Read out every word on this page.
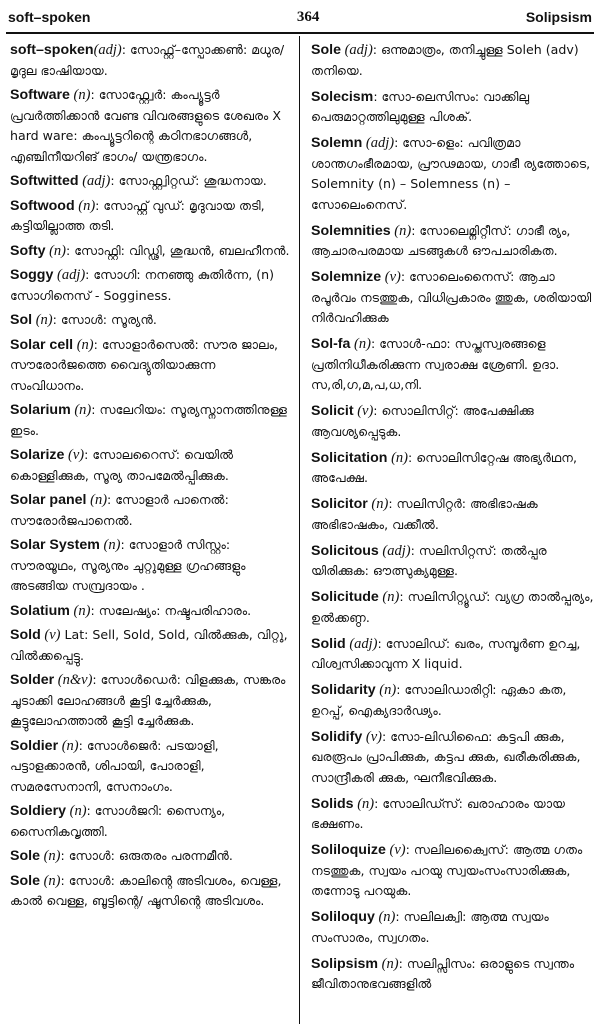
soft–spoken	364	Solipsism
soft–spoken(adj): സോഫ്റ്റ്–സ്പോക്കൺ: മധുര/മൃദുല ഭാഷിയായ.
Software (n): സോഫ്റ്റ്വേർ: കംപ്യൂട്ടർ പ്രവർത്തിക്കാൻ വേണ്ട വിവരങ്ങളുടെ ശേഖരം X hard ware: കംപ്യൂട്ടറിന്റെ കഠിനഭാഗങ്ങൾ, എഞ്ചിനീയറിങ് ഭാഗം/ യന്ത്രഭാഗം.
Softwitted (adj): സോഫ്റ്റ്വിറ്റഡ്: ശുദ്ധനായ.
Softwood (n): സോഫ്റ്റ് വുഡ്: മൃദുവായ തടി, കട്ടിയില്ലാത്ത തടി.
Softy (n): സോഫ്റ്റി: വിഡ്ഢി, ശുദ്ധൻ, ബലഹീനൻ.
Soggy (adj): സോഗി: നനഞ്ഞു കുതിർന്ന, (n) സോഗിനെസ് - Sogginess.
Sol (n): സോൾ: സൂര്യൻ.
Solar cell (n): സോളാർസെൽ: സൗര ജാലം, സൗരോർജത്തെ വൈദ്യുതിയാക്കുന്ന സംവിധാനം.
Solarium (n): സലേറിയം: സൂര്യസ്നാനത്തിനുള്ള ഇടം.
Solarize (v): സോലറൈസ്: വെയിൽ കൊള്ളിക്കുക, സൂര്യ താപമേൽപ്പിക്കുക.
Solar panel (n): സോളാർ പാനെൽ: സൗരോർജപാനെൽ.
Solar System (n): സോളാർ സിസ്റ്റം: സൗരയൂഥം, സൂര്യനും ചുറ്റുമുള്ള ഗ്രഹങ്ങളും അടങ്ങിയ സമ്പ്രദായം .
Solatium (n): സലേഷ്യം: നഷ്ടപരിഹാരം.
Sold (v) Lat: Sell, Sold, Sold, വിൽക്കുക, വിറ്റു, വിൽക്കപ്പെട്ടു.
Solder (n&v): സോൾഡെർ: വിളക്കുക, സങ്കരം ചൂടാക്കി ലോഹങ്ങൾ കൂട്ടി ച്ചേർക്കുക, കൂട്ടുലോഹത്താൽ കൂട്ടി ച്ചേർക്കുക.
Soldier (n): സോൾജെർ: പടയാളി, പട്ടാളക്കാരൻ, ശിപായി, പോരാളി, സമരസേനാനി, സേനാംഗം.
Soldiery (n): സോൾജറി: സൈന്യം, സൈനികവൃത്തി.
Sole (n): സോൾ: ഒരുതരം പരന്നമീൻ.
Sole (n): സോൾ: കാലിന്റെ അടിവശം, വെള്ള, കാൽ വെള്ള, ബൂട്ടിന്റെ/ ഷൂസിന്റെ അടിവശം.
Sole (adj): ഒന്നുമാത്രം, തനിച്ചുള്ള Soleh (adv) തനിയെ.
Solecism: സോ-ലെസിസം: വാക്കിലു പെരുമാറ്റത്തിലുമുള്ള പിശക്.
Solemn (adj): സോ-ളെം: പവിത്രമാ ശാന്തഗംഭീരമായ, പ്രൗഢമായ, ഗാഭീ ര്യത്തോടെ, Solemnity (n) – Solemness (n) – സോലെംനെസ്.
Solemnities (n): സോലെമ്നിറ്റീസ്: ഗാഭീ ര്യം, ആചാരപരമായ ചടങ്ങുകൾ ഔപചാരികത.
Solemnize (v): സോലെംനൈസ്: ആചാ രപൂർവം നടത്തുക, വിധിപ്രകാരം ത്തുക, ശരിയായി നിർവഹിക്കുക
Sol-fa (n): സോൾ-ഫാ: സപ്തസ്വരങ്ങളെ പ്രതിനിധീകരിക്കുന്ന സ്വരാക്ഷ ശ്രേണി. ഉദാ. സ,രി,ഗ,മ,പ,ധ,നി.
Solicit (v): സൊലിസിറ്റ്: അപേക്ഷിക്കു ആവശ്യപ്പെടുക.
Solicitation (n): സൊലിസിറ്റേഷ അഭ്യർഥന, അപേക്ഷ.
Solicitor (n): സലിസിറ്റർ: അഭിഭാഷക അഭിഭാഷകം, വക്കീൽ.
Solicitous (adj): സലിസിറ്റസ്: തൽപ്പര യിരിക്കുക: ഔത്സുക്യമുള്ള.
Solicitude (n): സലിസിറ്റ്യൂഡ്: വ്യഗ്ര താൽപ്പര്യം, ഉൽക്കണ്ഠ.
Solid (adj): സോലിഡ്: ഖരം, സമ്പൂർണ ഉറച്ച, വിശ്വസിക്കാവുന്ന X liquid.
Solidarity (n): സോലിഡാരിറ്റി: ഏകാ കത, ഉറപ്പ്, ഐക്യദാർഢ്യം.
Solidify (v): സോ-ലിഡിഫൈ: കട്ടപി ക്കുക, ഖരരൂപം പ്രാപിക്കുക, കട്ടപ ക്കുക, ഖരീകരിക്കുക, സാന്ദ്രീകരി ക്കുക, ഘനീഭവിക്കുക.
Solids (n): സോലിഡ്സ്: ഖരാഹാരം യായ ഭക്ഷണം.
Soliloquize (v): സലിലക്വൈസ്: ആത്മ ഗതം നടത്തുക, സ്വയം പറയു സ്വയംസംസാരിക്കുക, തന്നോടു പറയുക.
Soliloquy (n): സലിലക്വി: ആത്മ സ്വയം സംസാരം, സ്വഗതം.
Solipsism (n): സലിപ്സിസം: ഒരാളുടെ സ്വന്തം ജീവിതാനുഭവങ്ങളിൽ
